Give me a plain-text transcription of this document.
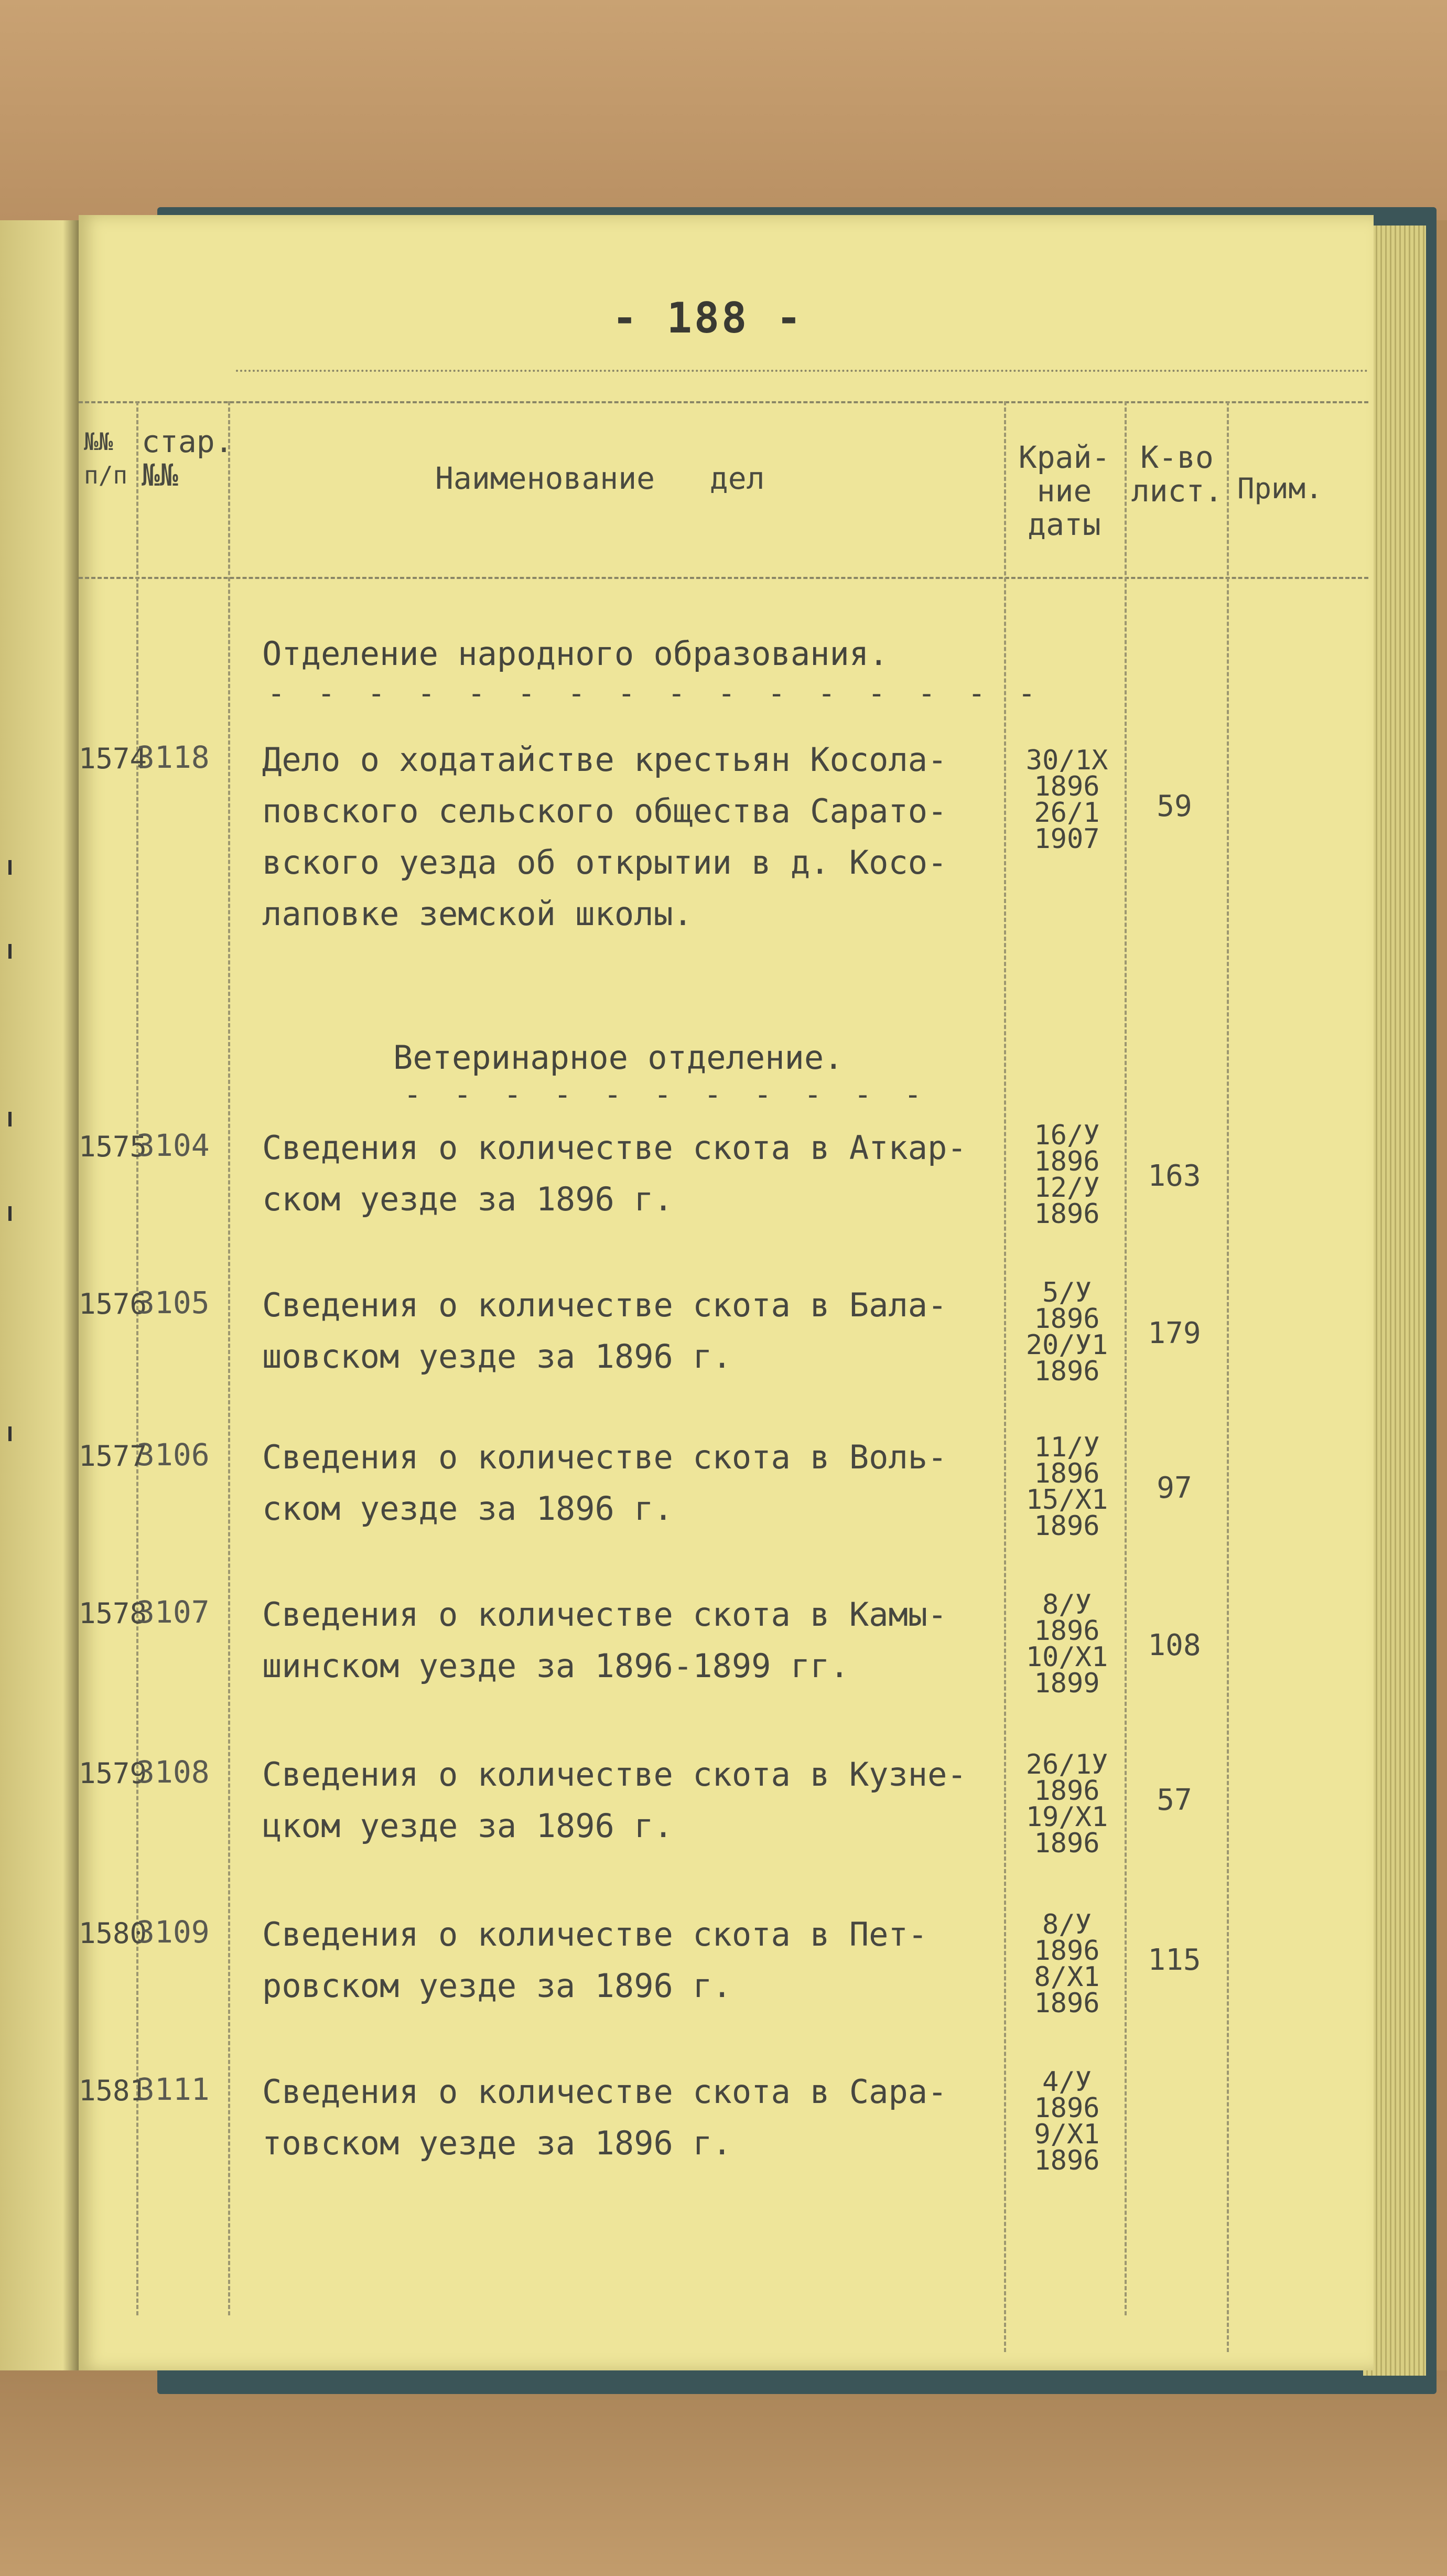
- 188 -
№№
п/п
стар.
№№	Наименование   дел
Край-
ние
даты
К-во
лист. Прим.
Отделение народного образования.
- - - - - - - - - - - - - - - -
1574
3118 Дело о ходатайстве крестьян Косола-
повского сельского общества Сарато-
вского уезда об открытии в д. Косо-
лаповке земской школы.
30/1Х
1896
26/1
1907
59
Ветеринарное отделение.
- - - - - - - - - - -
1575
3104 Сведения о количестве скота в Аткар-
ском уезде за 1896 г.
16/У
1896
12/У
1896
163
1576
3105 Сведения о количестве скота в Бала-
шовском уезде за 1896 г.
5/У
1896
20/У1
1896
179
1577
3106 Сведения о количестве скота в Воль-
ском уезде за 1896 г.
11/У
1896
15/Х1
1896
97
1578
3107 Сведения о количестве скота в Камы-
шинском уезде за 1896-1899 гг.
8/У
1896
10/Х1
1899
108
1579
3108 Сведения о количестве скота в Кузне-
цком уезде за 1896 г.
26/1У
1896
19/Х1
1896
57
1580
3109 Сведения о количестве скота в Пет-
ровском уезде за 1896 г.
8/У
1896
8/Х1
1896
115
1581
3111 Сведения о количестве скота в Сара-
товском уезде за 1896 г.
4/У
1896
9/Х1
1896
